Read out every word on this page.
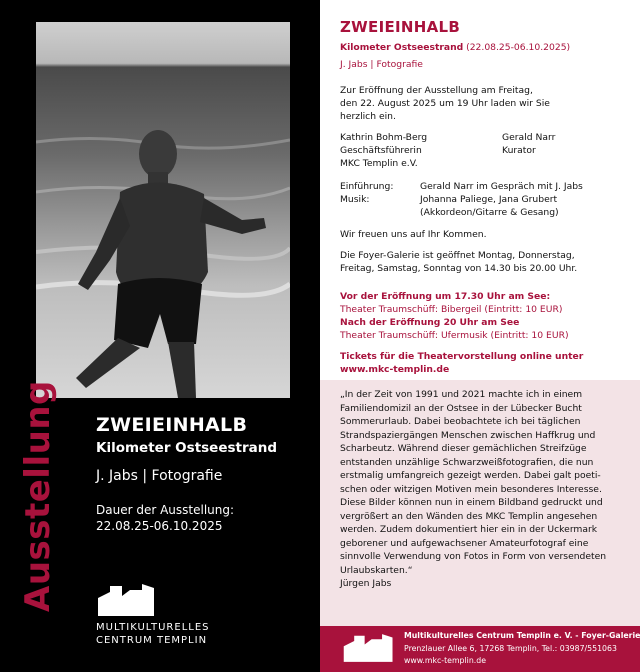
Ausstellung ZWEIEINHALB
Kilometer Ostseestrand
J. Jabs | Fotografie
Dauer der Ausstellung:
22.08.25-06.10.2025
MULTIKULTURELLES
CENTRUM TEMPLIN
ZWEIEINHALB
Kilometer Ostseestrand (22.08.25-06.10.2025)
J. Jabs | Fotografie
Zur Eröffnung der Ausstellung am Freitag,
den 22. August 2025 um 19 Uhr laden wir Sie
herzlich ein.
Kathrin Bohm-Berg
Geschäftsführerin
MKC Templin e.V.
Gerald Narr
Kurator
Einführung:	Gerald Narr im Gespräch mit J. Jabs
Musik:	Johanna Paliege, Jana Grubert
(Akkordeon/Gitarre & Gesang)
Wir freuen uns auf Ihr Kommen.
Die Foyer-Galerie ist geöffnet Montag, Donnerstag,
Freitag, Samstag, Sonntag von 14.30 bis 20.00 Uhr.
Vor der Eröffnung um 17.30 Uhr am See:
Theater Traumschüff: Bibergeil (Eintritt: 10 EUR)
Nach der Eröffnung 20 Uhr am See
Theater Traumschüff: Ufermusik (Eintritt: 10 EUR)
Tickets für die Theatervorstellung online unter
www.mkc-templin.de
„In der Zeit von 1991 und 2021 machte ich in einem
Familiendomizil an der Ostsee in der Lübecker Bucht
Sommerurlaub. Dabei beobachtete ich bei täglichen
Strandspaziergängen Menschen zwischen Haffkrug und
Scharbeutz. Während dieser gemächlichen Streifzüge
entstanden unzählige Schwarzweißfotografien, die nun
erstmalig umfangreich gezeigt werden. Dabei galt poeti-
schen oder witzigen Motiven mein besonderes Interesse.
Diese Bilder können nun in einem Bildband gedruckt und
vergrößert an den Wänden des MKC Templin angesehen
werden. Zudem dokumentiert hier ein in der Uckermark
geborener und aufgewachsener Amateurfotograf eine
sinnvolle Verwendung von Fotos in Form von versendeten
Urlaubskarten.“
Jürgen Jabs
Multikulturelles Centrum Templin e. V. - Foyer-Galerie
Prenzlauer Allee 6, 17268 Templin, Tel.: 03987/551063
www.mkc-templin.de
